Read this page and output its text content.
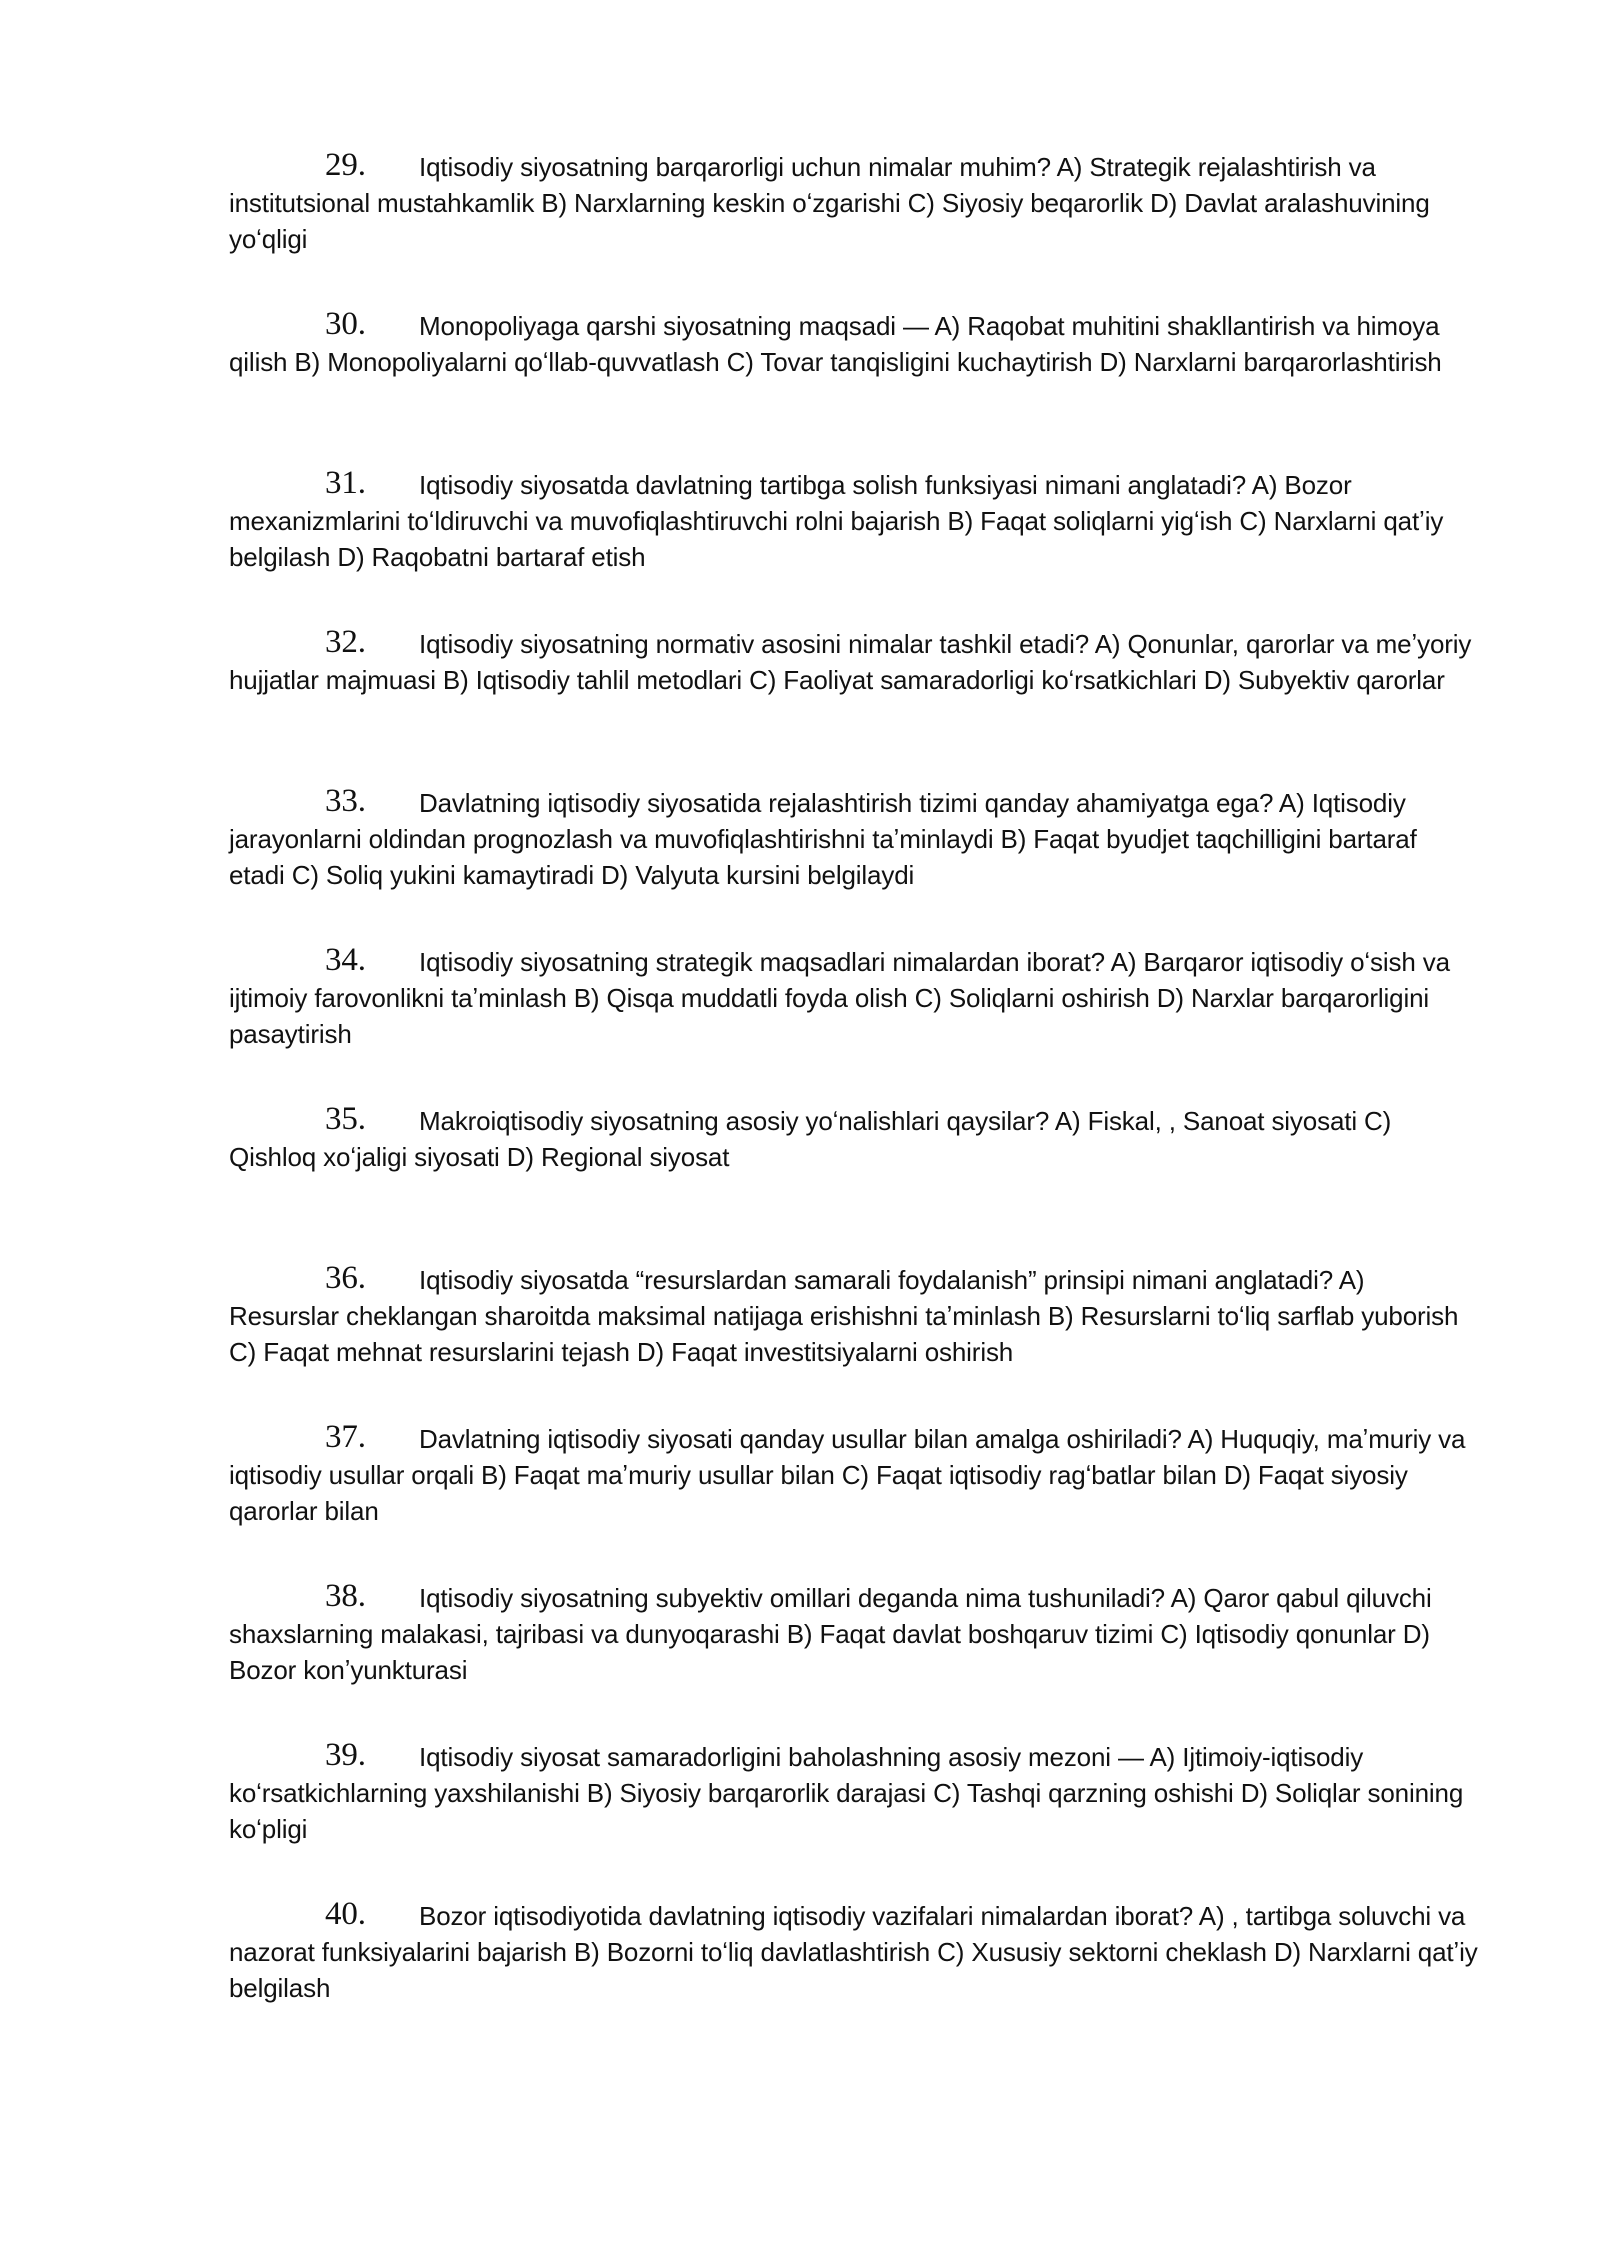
29. Iqtisodiy siyosatning barqarorligi uchun nimalar muhim? A) Strategik rejalashtirish va institutsional mustahkamlik B) Narxlarning keskin oʻzgarishi C) Siyosiy beqarorlik D) Davlat aralashuvining yoʻqligi

30. Monopoliyaga qarshi siyosatning maqsadi — A) Raqobat muhitini shakllantirish va himoya qilish B) Monopoliyalarni qoʻllab-quvvatlash C) Tovar tanqisligini kuchaytirish D) Narxlarni barqarorlashtirish

31. Iqtisodiy siyosatda davlatning tartibga solish funksiyasi nimani anglatadi? A) Bozor mexanizmlarini toʻldiruvchi va muvofiqlashtiruvchi rolni bajarish B) Faqat soliqlarni yigʻish C) Narxlarni qatʼiy belgilash D) Raqobatni bartaraf etish

32. Iqtisodiy siyosatning normativ asosini nimalar tashkil etadi? A) Qonunlar, qarorlar va meʼyoriy hujjatlar majmuasi B) Iqtisodiy tahlil metodlari C) Faoliyat samaradorligi koʻrsatkichlari D) Subyektiv qarorlar

33. Davlatning iqtisodiy siyosatida rejalashtirish tizimi qanday ahamiyatga ega? A) Iqtisodiy jarayonlarni oldindan prognozlash va muvofiqlashtirishni taʼminlaydi B) Faqat byudjet taqchilligini bartaraf etadi C) Soliq yukini kamaytiradi D) Valyuta kursini belgilaydi

34. Iqtisodiy siyosatning strategik maqsadlari nimalardan iborat? A) Barqaror iqtisodiy oʻsish va ijtimoiy farovonlikni taʼminlash B) Qisqa muddatli foyda olish C) Soliqlarni oshirish D) Narxlar barqarorligini pasaytirish

35. Makroiqtisodiy siyosatning asosiy yoʻnalishlari qaysilar? A) Fiskal, , Sanoat siyosati C) Qishloq xoʻjaligi siyosati D) Regional siyosat

36. Iqtisodiy siyosatda “resurslardan samarali foydalanish” prinsipi nimani anglatadi? A) Resurslar cheklangan sharoitda maksimal natijaga erishishni taʼminlash B) Resurslarni toʻliq sarflab yuborish C) Faqat mehnat resurslarini tejash D) Faqat investitsiyalarni oshirish

37. Davlatning iqtisodiy siyosati qanday usullar bilan amalga oshiriladi? A) Huquqiy, maʼmuriy va iqtisodiy usullar orqali B) Faqat maʼmuriy usullar bilan C) Faqat iqtisodiy ragʻbatlar bilan D) Faqat siyosiy qarorlar bilan

38. Iqtisodiy siyosatning subyektiv omillari deganda nima tushuniladi? A) Qaror qabul qiluvchi shaxslarning malakasi, tajribasi va dunyoqarashi B) Faqat davlat boshqaruv tizimi C) Iqtisodiy qonunlar D) Bozor konʼyunkturasi

39. Iqtisodiy siyosat samaradorligini baholashning asosiy mezoni — A) Ijtimoiy-iqtisodiy koʻrsatkichlarning yaxshilanishi B) Siyosiy barqarorlik darajasi C) Tashqi qarzning oshishi D) Soliqlar sonining koʻpligi

40. Bozor iqtisodiyotida davlatning iqtisodiy vazifalari nimalardan iborat? A) , tartibga soluvchi va nazorat funksiyalarini bajarish B) Bozorni toʻliq davlatlashtirish C) Xususiy sektorni cheklash D) Narxlarni qatʼiy belgilash
